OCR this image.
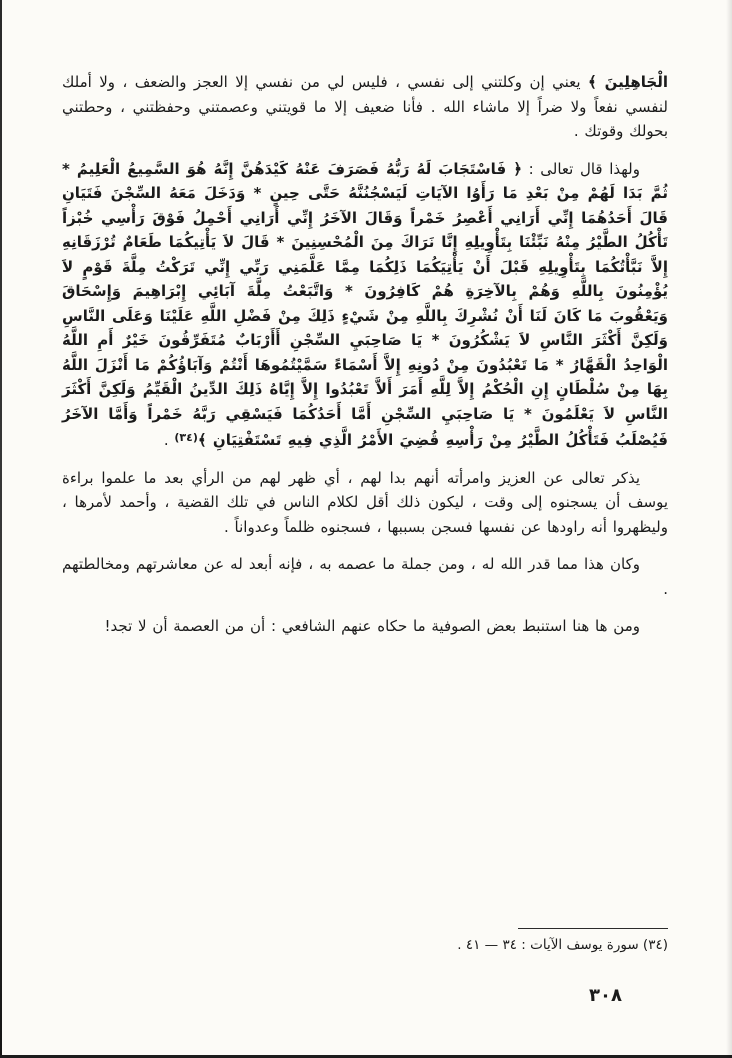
الْجَاهِلِينَ ﴾ يعني إن وكلتني إلى نفسي ، فليس لي من نفسي إلا العجز والضعف ، ولا أملك لنفسي نفعاً ولا ضراً إلا ماشاء الله . فأنا ضعيف إلا ما قويتني وعصمتني وحفظتني ، وحطتني بحولك وقوتك .

ولهذا قال تعالى : ﴿ فَاسْتَجَابَ لَهُ رَبُّهُ فَصَرَفَ عَنْهُ كَيْدَهُنَّ إِنَّهُ هُوَ السَّمِيعُ الْعَلِيمُ * ثُمَّ بَدَا لَهُمْ مِنْ بَعْدِ مَا رَأَوُا الآيَاتِ لَيَسْجُنُنَّهُ حَتَّى حِينٍ * وَدَخَلَ مَعَهُ السِّجْنَ فَتَيَانِ قَالَ أَحَدُهُمَا إِنِّي أَرَانِي أَعْصِرُ خَمْراً وَقَالَ الآخَرُ إِنِّي أَرَانِي أَحْمِلُ فَوْقَ رَأْسِي خُبْزاً تَأْكُلُ الطَّيْرُ مِنْهُ نَبِّئْنَا بِتَأْوِيلِهِ إِنَّا نَرَاكَ مِنَ الْمُحْسِنِينَ * قَالَ لاَ يَأْتِيكُمَا طَعَامٌ تُرْزَقَانِهِ إِلاَّ نَبَّأْتُكُمَا بِتَأْوِيلِهِ قَبْلَ أَنْ يَأْتِيَكُمَا ذَلِكُمَا مِمَّا عَلَّمَنِي رَبِّي إِنِّي تَرَكْتُ مِلَّةَ قَوْمٍ لاَ يُؤْمِنُونَ بِاللَّهِ وَهُمْ بِالآخِرَةِ هُمْ كَافِرُونَ * وَاتَّبَعْتُ مِلَّةَ آبَائِي إِبْرَاهِيمَ وَإِسْحَاقَ وَيَعْقُوبَ مَا كَانَ لَنَا أَنْ نُشْرِكَ بِاللَّهِ مِنْ شَيْءٍ ذَلِكَ مِنْ فَضْلِ اللَّهِ عَلَيْنَا وَعَلَى النَّاسِ وَلَكِنَّ أَكْثَرَ النَّاسِ لاَ يَشْكُرُونَ * يَا صَاحِبَيِ السِّجْنِ أَأَرْبَابٌ مُتَفَرِّقُونَ خَيْرٌ أَمِ اللَّهُ الْوَاحِدُ الْقَهَّارُ * مَا تَعْبُدُونَ مِنْ دُونِهِ إِلاَّ أَسْمَاءً سَمَّيْتُمُوهَا أَنْتُمْ وَآبَاؤُكُمْ مَا أَنْزَلَ اللَّهُ بِهَا مِنْ سُلْطَانٍ إِنِ الْحُكْمُ إِلاَّ لِلَّهِ أَمَرَ أَلاَّ تَعْبُدُوا إِلاَّ إِيَّاهُ ذَلِكَ الدِّينُ الْقَيِّمُ وَلَكِنَّ أَكْثَرَ النَّاسِ لاَ يَعْلَمُونَ * يَا صَاحِبَيِ السِّجْنِ أَمَّا أَحَدُكُمَا فَيَسْقِي رَبَّهُ خَمْراً وَأَمَّا الآخَرُ فَيُصْلَبُ فَتَأْكُلُ الطَّيْرُ مِنْ رَأْسِهِ قُضِيَ الأَمْرُ الَّذِي فِيهِ تَسْتَفْتِيَانِ ﴾$^{(٣٤)}$ .

يذكر تعالى عن العزيز وامرأته أنهم بدا لهم ، أي ظهر لهم من الرأي بعد ما علموا براءة يوسف أن يسجنوه إلى وقت ، ليكون ذلك أقل لكلام الناس في تلك القضية ، وأحمد لأمرها ، وليظهروا أنه راودها عن نفسها فسجن بسببها ، فسجنوه ظلماً وعدواناً .

وكان هذا مما قدر الله له ، ومن جملة ما عصمه به ، فإنه أبعد له عن معاشرتهم ومخالطتهم .

ومن ها هنا استنبط بعض الصوفية ما حكاه عنهم الشافعي : أن من العصمة أن لا تجد!

(٣٤) سورة يوسف الآيات : ٣٤ — ٤١ .
٣٠٨
